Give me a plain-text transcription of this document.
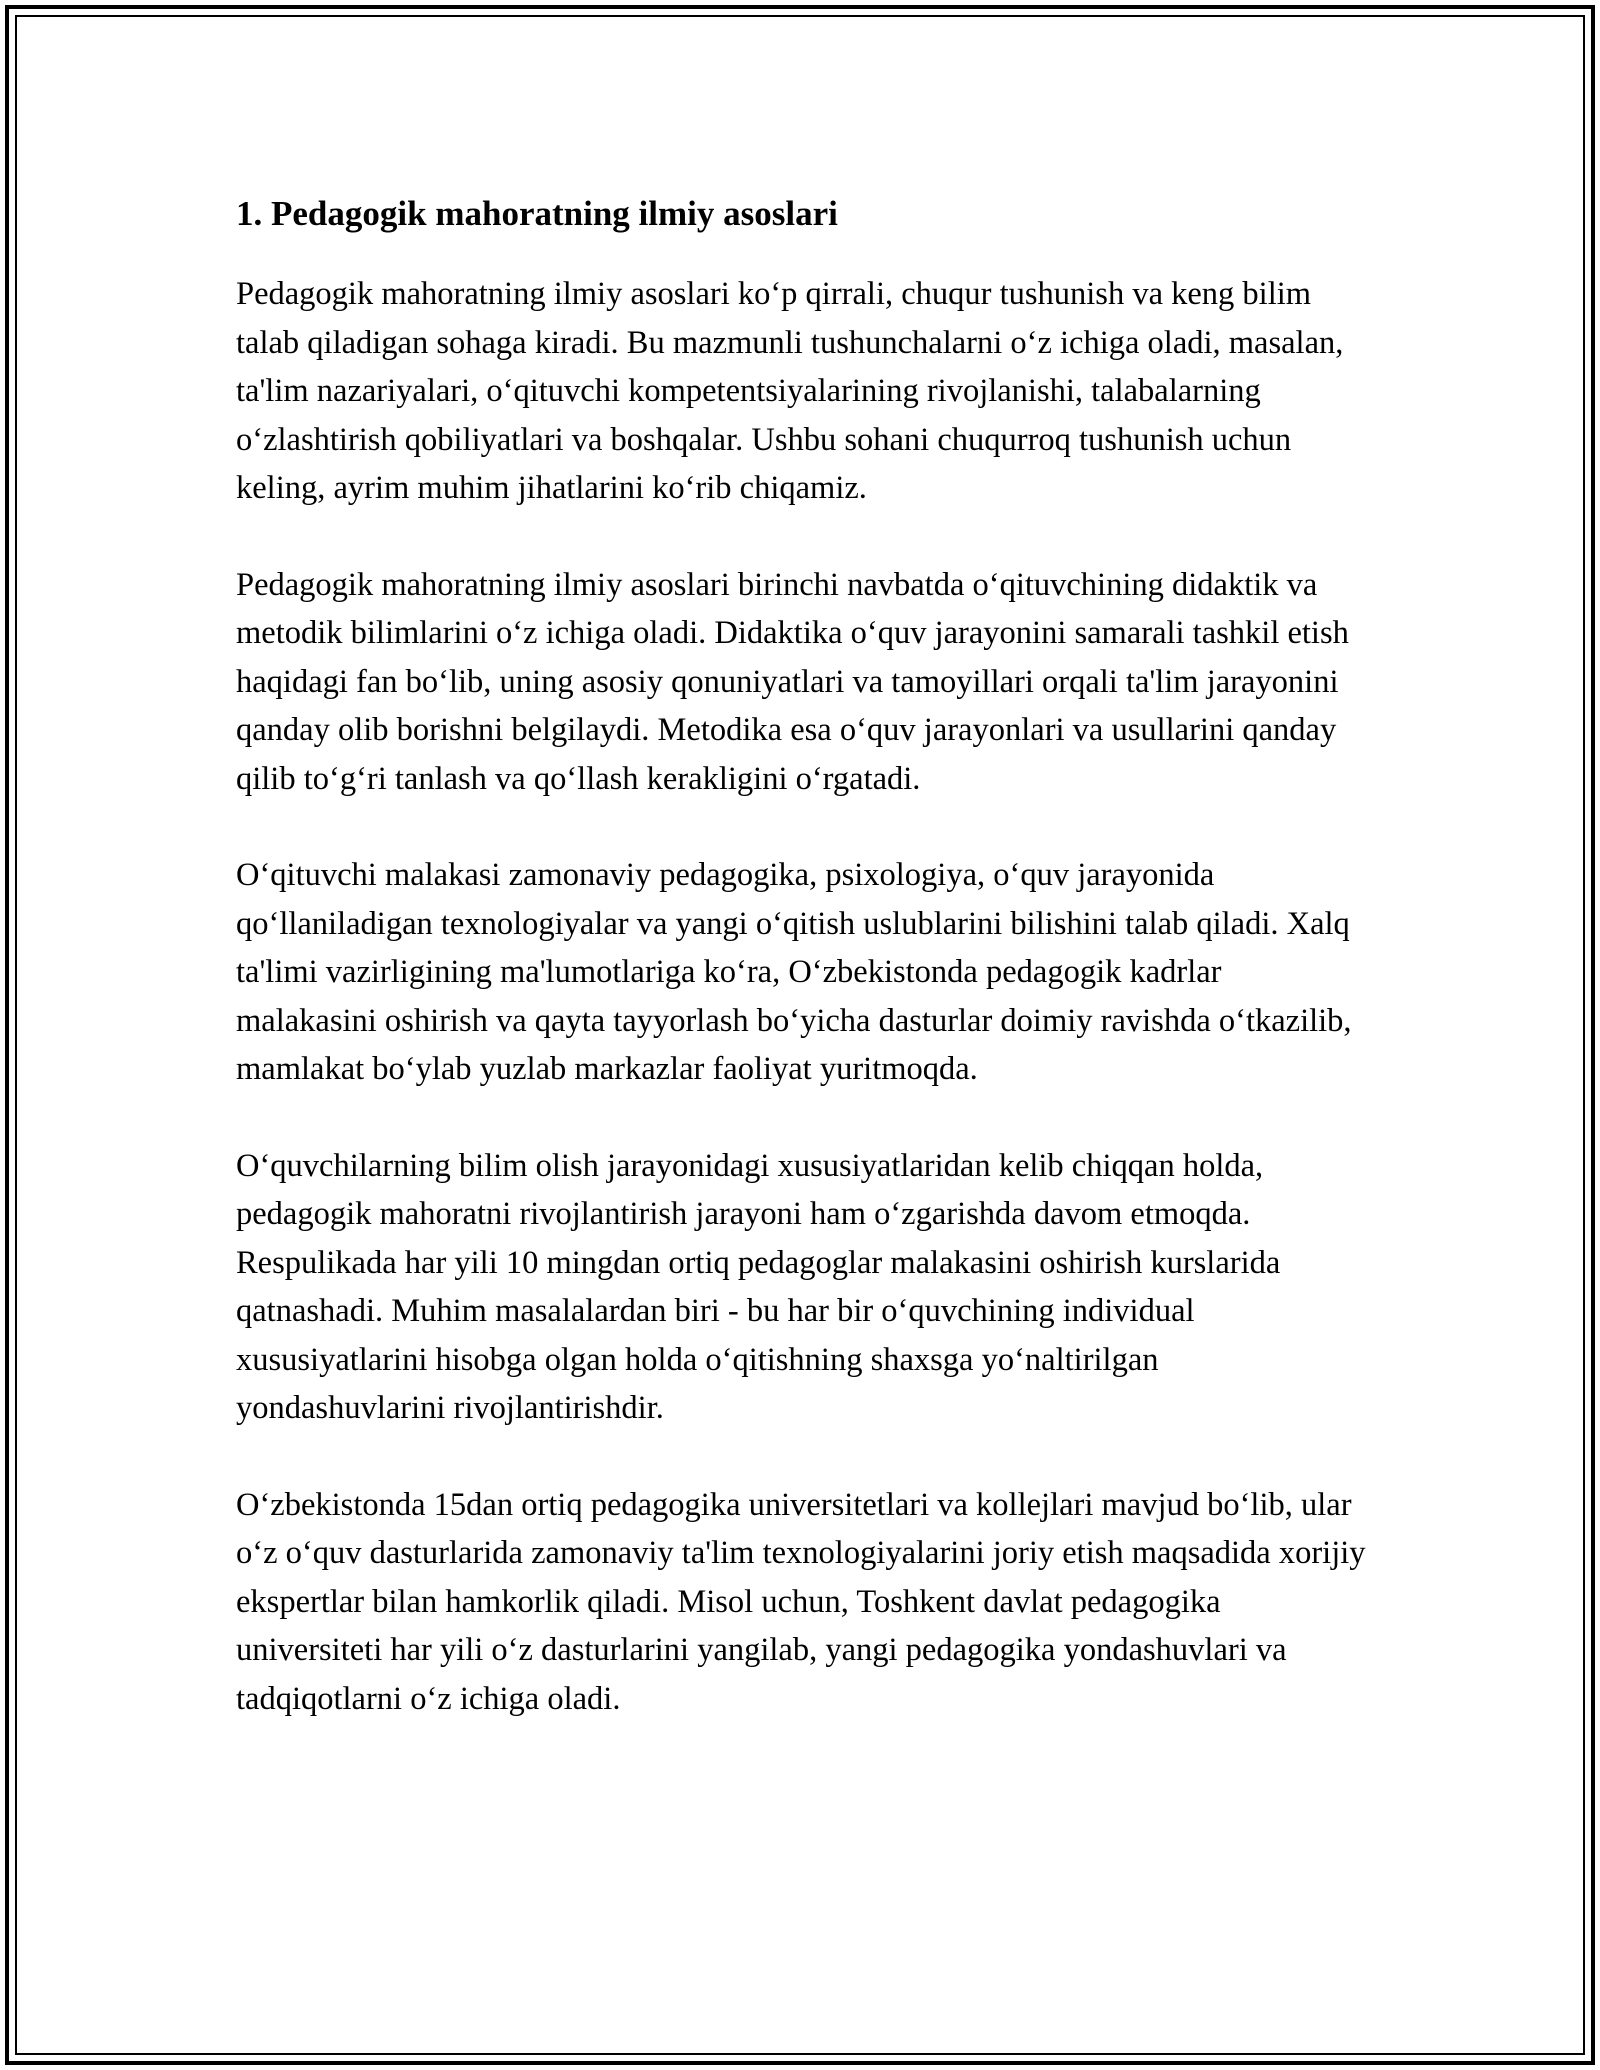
1. Pedagogik mahoratning ilmiy asoslari

Pedagogik mahoratning ilmiy asoslari ko‘p qirrali, chuqur tushunish va keng bilim talab qiladigan sohaga kiradi. Bu mazmunli tushunchalarni o‘z ichiga oladi, masalan, ta'lim nazariyalari, o‘qituvchi kompetentsiyalarining rivojlanishi, talabalarning o‘zlashtirish qobiliyatlari va boshqalar. Ushbu sohani chuqurroq tushunish uchun keling, ayrim muhim jihatlarini ko‘rib chiqamiz.

Pedagogik mahoratning ilmiy asoslari birinchi navbatda o‘qituvchining didaktik va metodik bilimlarini o‘z ichiga oladi. Didaktika o‘quv jarayonini samarali tashkil etish haqidagi fan bo‘lib, uning asosiy qonuniyatlari va tamoyillari orqali ta'lim jarayonini qanday olib borishni belgilaydi. Metodika esa o‘quv jarayonlari va usullarini qanday qilib to‘g‘ri tanlash va qo‘llash kerakligini o‘rgatadi.

O‘qituvchi malakasi zamonaviy pedagogika, psixologiya, o‘quv jarayonida qo‘llaniladigan texnologiyalar va yangi o‘qitish uslublarini bilishini talab qiladi. Xalq ta'limi vazirligining ma'lumotlariga ko‘ra, O‘zbekistonda pedagogik kadrlar malakasini oshirish va qayta tayyorlash bo‘yicha dasturlar doimiy ravishda o‘tkazilib, mamlakat bo‘ylab yuzlab markazlar faoliyat yuritmoqda.

O‘quvchilarning bilim olish jarayonidagi xususiyatlaridan kelib chiqqan holda, pedagogik mahoratni rivojlantirish jarayoni ham o‘zgarishda davom etmoqda. Respulikada har yili 10 mingdan ortiq pedagoglar malakasini oshirish kurslarida qatnashadi. Muhim masalalardan biri - bu har bir o‘quvchining individual xususiyatlarini hisobga olgan holda o‘qitishning shaxsga yo‘naltirilgan yondashuvlarini rivojlantirishdir.

O‘zbekistonda 15dan ortiq pedagogika universitetlari va kollejlari mavjud bo‘lib, ular o‘z o‘quv dasturlarida zamonaviy ta'lim texnologiyalarini joriy etish maqsadida xorijiy ekspertlar bilan hamkorlik qiladi. Misol uchun, Toshkent davlat pedagogika universiteti har yili o‘z dasturlarini yangilab, yangi pedagogika yondashuvlari va tadqiqotlarni o‘z ichiga oladi.
